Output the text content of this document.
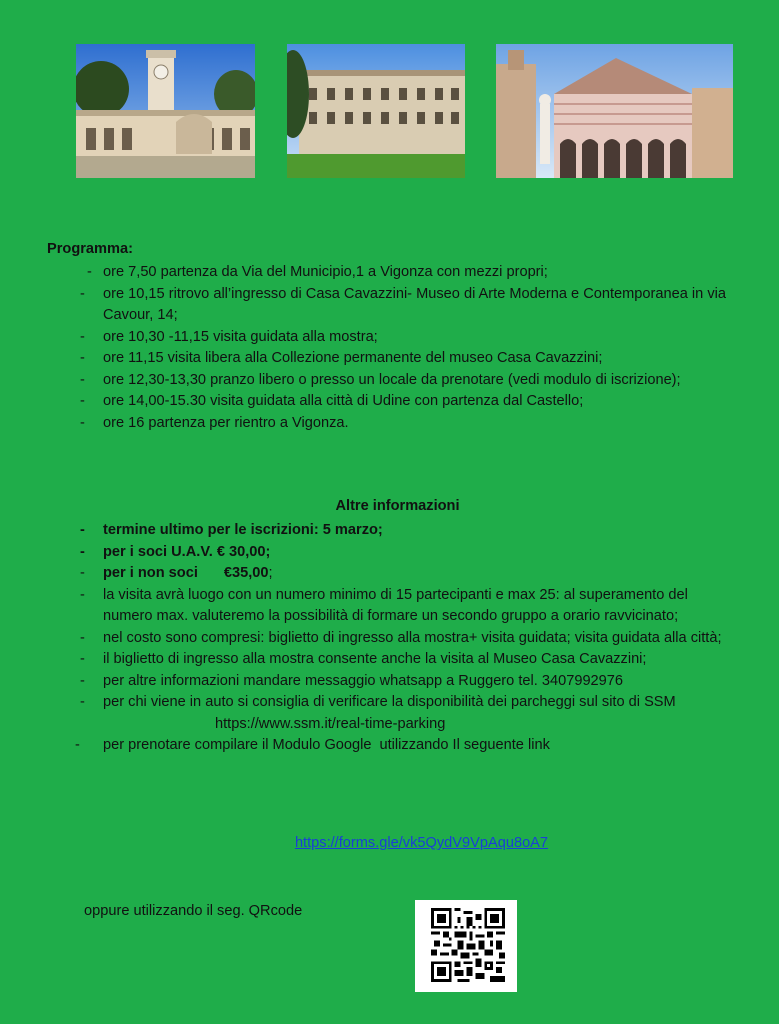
Programma:
- ore 7,50 partenza da Via del Municipio,1 a Vigonza con mezzi propri;
- ore 10,15 ritrovo all’ingresso di Casa Cavazzini- Museo di Arte Moderna e Contemporanea in via Cavour, 14;
- ore 10,30 -11,15 visita guidata alla mostra;
- ore 11,15 visita libera alla Collezione permanente del museo Casa Cavazzini;
- ore 12,30-13,30 pranzo libero o presso un locale da prenotare (vedi modulo di iscrizione);
- ore 14,00-15.30 visita guidata alla città di Udine con partenza dal Castello;
- ore 16 partenza per rientro a Vigonza.
Altre informazioni
- termine ultimo per le iscrizioni: 5 marzo;
- per i soci U.A.V. € 30,00;
- per i non soci €35,00;
- la visita avrà luogo con un numero minimo di 15 partecipanti e max 25: al superamento del numero max. valuteremo la possibilità di formare un secondo gruppo a orario ravvicinato;
- nel costo sono compresi: biglietto di ingresso alla mostra+ visita guidata; visita guidata alla città;
- il biglietto di ingresso alla mostra consente anche la visita al Museo Casa Cavazzini;
- per altre informazioni mandare messaggio whatsapp a Ruggero tel. 3407992976
- per chi viene in auto si consiglia di verificare la disponibilità dei parcheggi sul sito di SSMhttps://www.ssm.it/real-time-parking
- per prenotare compilare il Modulo Google utilizzando Il seguente link
https://forms.gle/vk5QydV9VpAqu8oA7
oppure utilizzando il seg. QRcode
